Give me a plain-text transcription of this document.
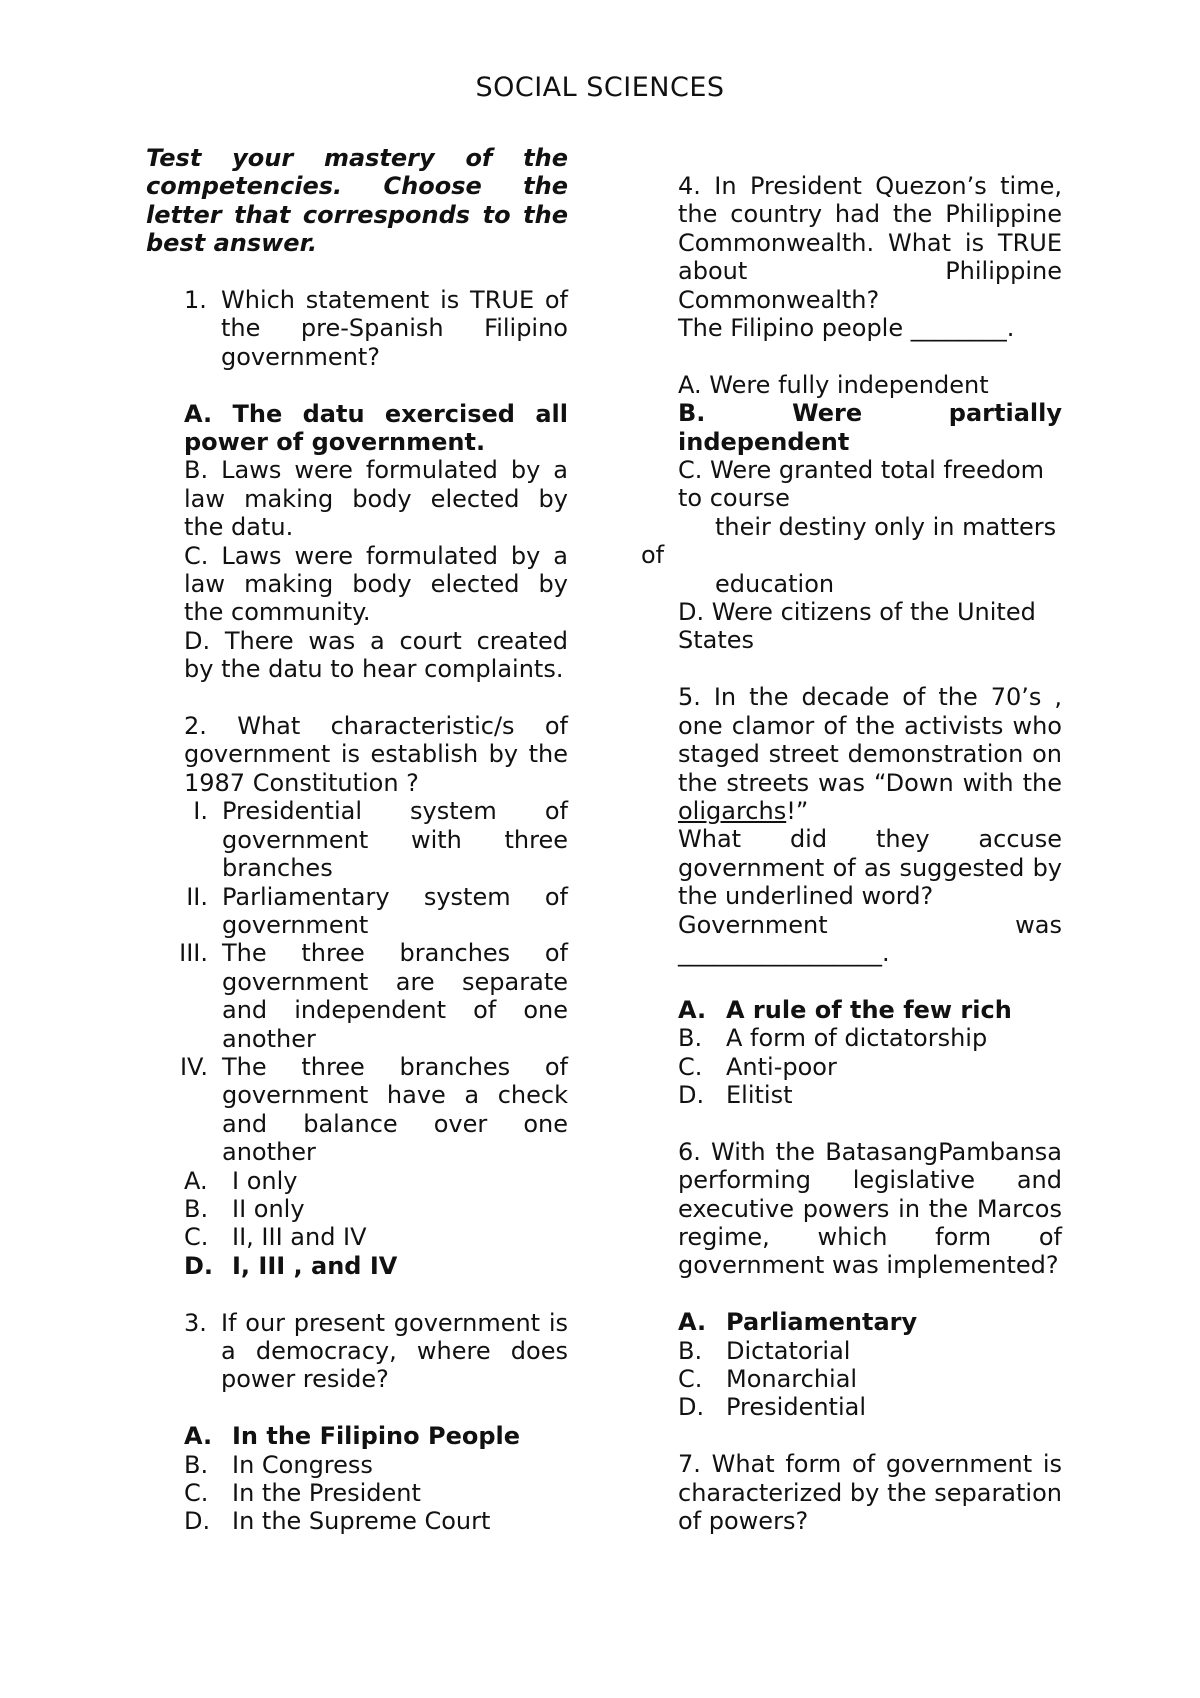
SOCIAL SCIENCES
Test your mastery of the competencies. Choose the letter that corresponds to the best answer.
1. Which statement is TRUE of the pre-Spanish Filipino government?
A. The datu exercised all power of government.
B. Laws were formulated by a law making body elected by the datu.
C. Laws were formulated by a law making body elected by the community.
D. There was a court created by the datu to hear complaints.
2. What characteristic/s of government is establish by the 1987 Constitution ?
I. Presidential system of government with three branches
II. Parliamentary system of government
III. The three branches of government are separate and independent of one another
IV. The three branches of government have a check and balance over one another
A.	I only
B. II only
C. II, III and IV
D. I, III , and IV
3. If our present government is a democracy, where does power reside?
A. In the Filipino People
B. In Congress
C. In the President
D. In the Supreme Court
4. In President Quezon’s time, the country had the Philippine Commonwealth. What is TRUE about Philippine Commonwealth?
The Filipino people ________.
A. Were fully independent
B. Were partially independent
C. Were granted total freedom to course
their destiny only in matters
of
education
D. Were citizens of the United States
5. In the decade of the 70’s , one clamor of the activists who staged street demonstration on the streets was “Down with the oligarchs!”
What did they accuse government of as suggested by the underlined word?
Government	was
_________________.
A. A rule of the few rich
B. A form of dictatorship
C. Anti-poor
D. Elitist
6. With the BatasangPambansa performing legislative and executive powers in the Marcos regime, which form of government was implemented?
A. Parliamentary
B. Dictatorial
C. Monarchial
D. Presidential
7. What form of government is characterized by the separation of powers?
